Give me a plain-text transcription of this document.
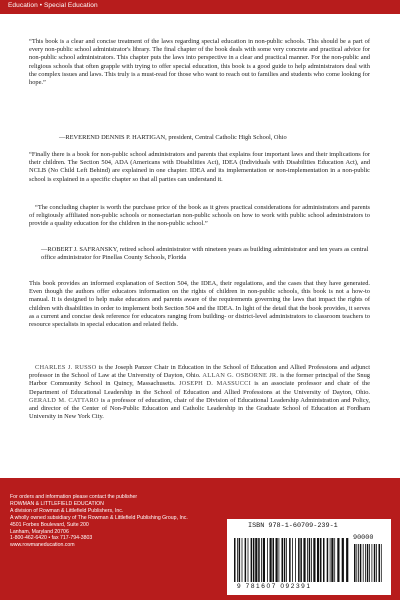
Education • Special Education

“This book is a clear and concise treatment of the laws regarding special education in non-public schools. This should be a part of every non-public school administrator's library. The final chapter of the book deals with some very concrete and practical advice for non-public school administrators. This chapter puts the laws into perspective in a clear and practical manner. For the non-public and religious schools that often grapple with trying to offer special education, this book is a good guide to help administrators deal with the complex issues and laws. This truly is a must-read for those who want to reach out to families and students who come looking for hope.”

—REVEREND DENNIS P. HARTIGAN, president, Central Catholic High School, Ohio

“Finally there is a book for non-public school administrators and parents that explains four important laws and their implications for their children. The Section 504, ADA (Americans with Disabilities Act), IDEA (Individuals with Disabilities Education Act), and NCLB (No Child Left Behind) are explained in one chapter. IDEA and its implementation or non-implementation in a non-public school is explained in a specific chapter so that all parties can understand it.

“The concluding chapter is worth the purchase price of the book as it gives practical considerations for administrators and parents of religiously affiliated non-public schools or nonsectarian non-public schools on how to work with public school administrators to provide a quality education for the children in the non-public school.”

—ROBERT J. SAFRANSKY, retired school administrator with nineteen years as building administrator and ten years as central office administrator for Pinellas County Schools, Florida

This book provides an informed explanation of Section 504, the IDEA, their regulations, and the cases that they have generated. Even though the authors offer educators information on the rights of children in non-public schools, this book is not a how-to manual. It is designed to help make educators and parents aware of the requirements governing the laws that impact the rights of children with disabilities in order to implement both Section 504 and the IDEA. In light of the detail that the book provides, it serves as a current and concise desk reference for educators ranging from building- or district-level administrators to classroom teachers to resource specialists in special education and related fields.

CHARLES J. RUSSO is the Joseph Panzer Chair in Education in the School of Education and Allied Professions and adjunct professor in the School of Law at the University of Dayton, Ohio. ALLAN G. OSBORNE JR. is the former principal of the Snug Harbor Community School in Quincy, Massachusetts. JOSEPH D. MASSUCCI is an associate professor and chair of the Department of Educational Leadership in the School of Education and Allied Professions at the University of Dayton, Ohio. GERALD M. CATTARO is a professor of education, chair of the Division of Educational Leadership Administration and Policy, and director of the Center of Non-Public Education and Catholic Leadership in the Graduate School of Education at Fordham University in New York City.

For orders and information please contact the publisher
ROWMAN & LITTLEFIELD EDUCATION
A division of Rowman & Littlefield Publishers, Inc.
A wholly owned subsidiary of The Rowman & Littlefield Publishing Group, Inc.
4501 Forbes Boulevard, Suite 200
Lanham, Maryland 20706
1-800-462-6420 • fax 717-794-3803
www.rowmaneducation.com
ISBN 978-1-60709-239-1
90000
9 781607 092391
